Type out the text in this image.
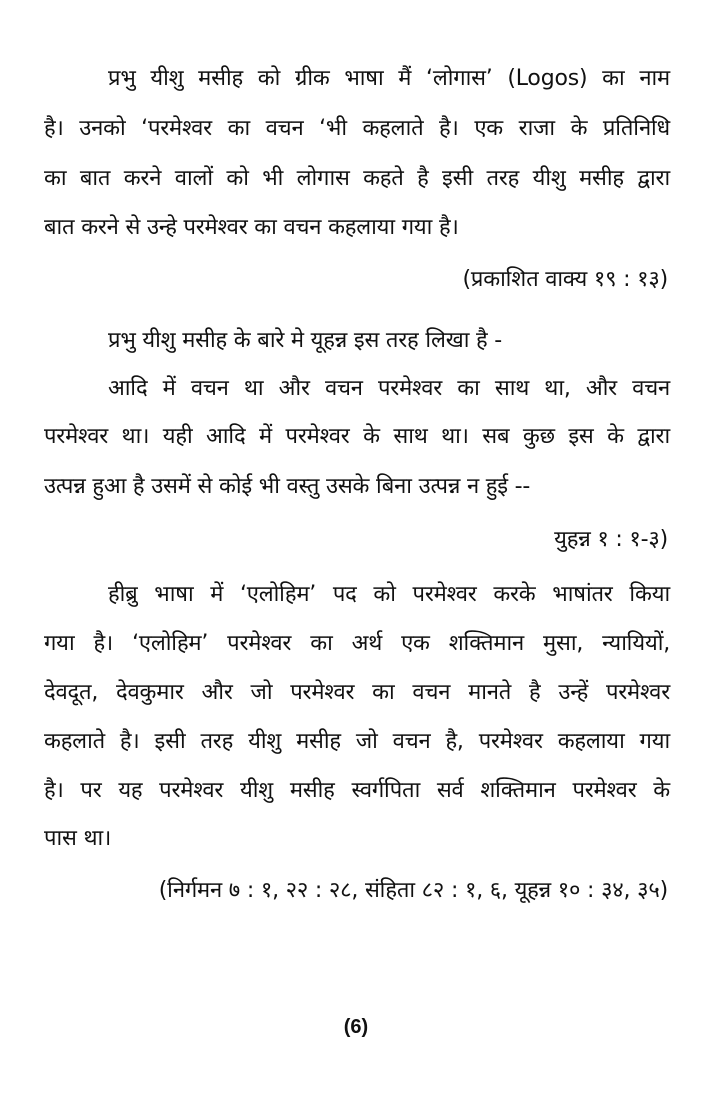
प्रभु यीशु मसीह को ग्रीक भाषा मैं ‘लोगास’ (Logos) का नाम
है। उनको ‘परमेश्वर का वचन ‘भी कहलाते है। एक राजा के प्रतिनिधि
का बात करने वालों को भी लोगास कहते है इसी तरह यीशु मसीह द्वारा
बात करने से उन्हे परमेश्वर का वचन कहलाया गया है।
(प्रकाशित वाक्य १९ : १३)
प्रभु यीशु मसीह के बारे मे यूहन्न इस तरह लिखा है -
आदि में वचन था और वचन परमेश्वर का साथ था, और वचन
परमेश्वर था। यही आदि में परमेश्वर के साथ था। सब कुछ इस के द्वारा
उत्पन्न हुआ है उसमें से कोई भी वस्तु उसके बिना उत्पन्न न हुई --
युहन्न १ : १-३)
हीब्रु भाषा में ‘एलोहिम’ पद को परमेश्वर करके भाषांतर किया
गया है। ‘एलोहिम’ परमेश्वर का अर्थ एक शक्तिमान मुसा, न्यायियों,
देवदूत, देवकुमार और जो परमेश्वर का वचन मानते है उन्हें परमेश्वर
कहलाते है। इसी तरह यीशु मसीह जो वचन है, परमेश्वर कहलाया गया
है। पर यह परमेश्वर यीशु मसीह स्वर्गपिता सर्व शक्तिमान परमेश्वर के
पास था।
(निर्गमन ७ : १, २२ : २८, संहिता ८२ : १, ६, यूहन्न १० : ३४, ३५)
(6)
